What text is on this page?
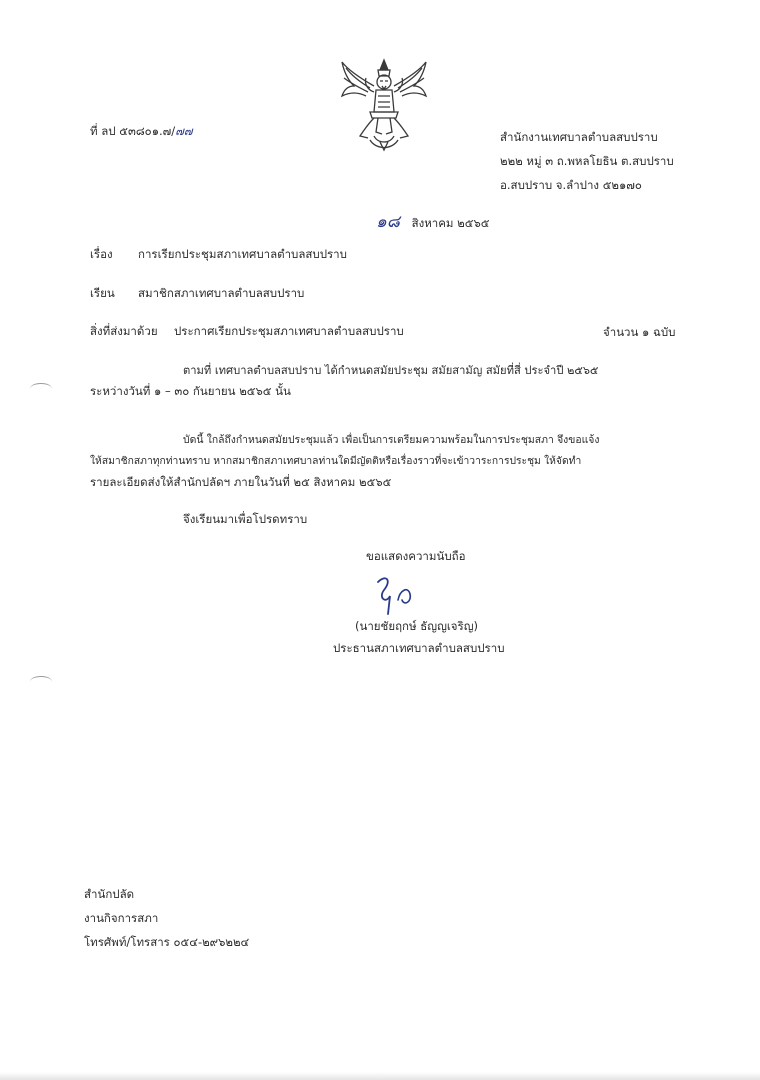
ที่ ลป ๕๓๘๐๑.๗/๗๗	สำนักงานเทศบาลตำบลสบปราบ
๒๒๒ หมู่ ๓ ถ.พหลโยธิน ต.สบปราบ
อ.สบปราบ จ.ลำปาง ๕๒๑๗๐
๑๘ สิงหาคม ๒๕๖๕
เรื่อง การเรียกประชุมสภาเทศบาลตำบลสบปราบ
เรียน สมาชิกสภาเทศบาลตำบลสบปราบ
สิ่งที่ส่งมาด้วย ประกาศเรียกประชุมสภาเทศบาลตำบลสบปราบ	จำนวน ๑ ฉบับ
ตามที่ เทศบาลตำบลสบปราบ ได้กำหนดสมัยประชุม สมัยสามัญ สมัยที่สี่ ประจำปี ๒๕๖๕
ระหว่างวันที่ ๑ – ๓๐ กันยายน ๒๕๖๕ นั้น
บัดนี้ ใกล้ถึงกำหนดสมัยประชุมแล้ว เพื่อเป็นการเตรียมความพร้อมในการประชุมสภา จึงขอแจ้ง
ให้สมาชิกสภาทุกท่านทราบ หากสมาชิกสภาเทศบาลท่านใดมีญัตติหรือเรื่องราวที่จะเข้าวาระการประชุม ให้จัดทำ
รายละเอียดส่งให้สำนักปลัดฯ ภายในวันที่ ๒๕ สิงหาคม ๒๕๖๕
จึงเรียนมาเพื่อโปรดทราบ
ขอแสดงความนับถือ
(นายชัยฤกษ์ ธัญญเจริญ)
ประธานสภาเทศบาลตำบลสบปราบ
สำนักปลัด
งานกิจการสภา
โทรศัพท์/โทรสาร ๐๕๔-๒๙๖๒๒๔
